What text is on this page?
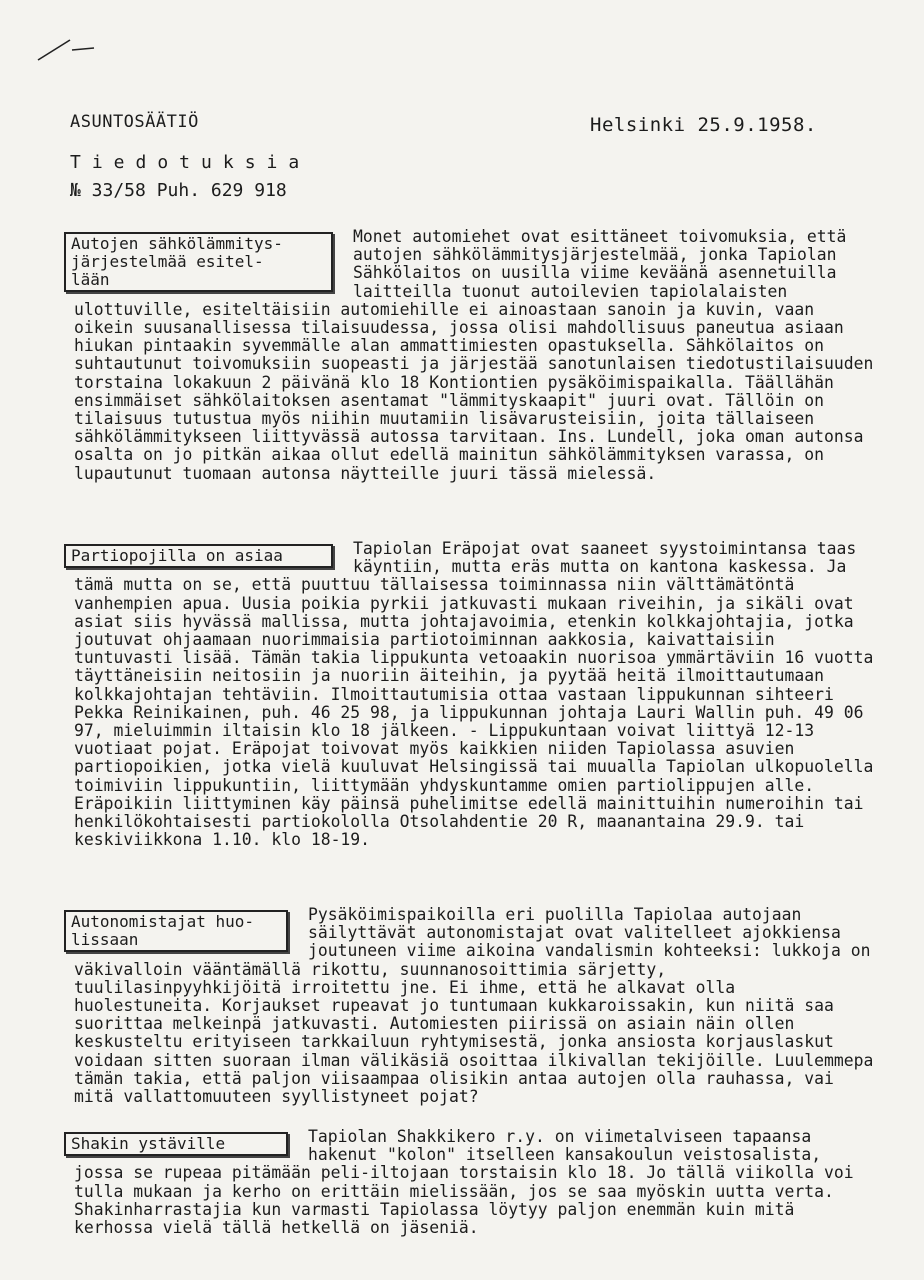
ASUNTOSÄÄTIÖ	Helsinki 25.9.1958.
Tiedotuksia
№ 33/58 Puh. 629 918
Autojen sähkölämmitys-
järjestelmää esitel-
lään

Monet automiehet ovat esittäneet toivomuksia, että autojen sähkölämmitysjärjestelmää, jonka Tapiolan Sähkölaitos on uusilla viime keväänä asennetuilla laitteilla tuonut autoilevien tapiolalaisten ulottuville, esiteltäisiin automiehille ei ainoastaan sanoin ja kuvin, vaan oikein suusanallisessa tilaisuudessa, jossa olisi mahdollisuus paneutua asiaan hiukan pintaakin syvemmälle alan ammattimiesten opastuksella. Sähkölaitos on suhtautunut toivomuksiin suopeasti ja järjestää sanotunlaisen tiedotustilaisuuden torstaina lokakuun 2 päivänä klo 18 Kontiontien pysäköimispaikalla. Täällähän ensimmäiset sähkölaitoksen asentamat "lämmityskaapit" juuri ovat. Tällöin on tilaisuus tutustua myös niihin muutamiin lisävarusteisiin, joita tällaiseen sähkölämmitykseen liittyvässä autossa tarvitaan. Ins. Lundell, joka oman autonsa osalta on jo pitkän aikaa ollut edellä mainitun sähkölämmityksen varassa, on lupautunut tuomaan autonsa näytteille juuri tässä mielessä.

Partiopojilla on asiaa	Tapiolan Eräpojat ovat saaneet syystoimintansa taas käyntiin, mutta eräs mutta on kantona kaskessa. Ja tämä mutta on se, että puuttuu tällaisessa toiminnassa niin välttämätöntä vanhempien apua. Uusia poikia pyrkii jatkuvasti mukaan riveihin, ja sikäli ovat asiat siis hyvässä mallissa, mutta johtajavoimia, etenkin kolkkajohtajia, jotka joutuvat ohjaamaan nuorimmaisia partiotoiminnan aakkosia, kaivattaisiin tuntuvasti lisää. Tämän takia lippukunta vetoaakin nuorisoa ymmärtäviin 16 vuotta täyttäneisiin neitosiin ja nuoriin äiteihin, ja pyytää heitä ilmoittautumaan kolkkajohtajan tehtäviin. Ilmoittautumisia ottaa vastaan lippukunnan sihteeri Pekka Reinikainen, puh. 46 25 98, ja lippukunnan johtaja Lauri Wallin puh. 49 06 97, mieluimmin iltaisin klo 18 jälkeen. - Lippukuntaan voivat liittyä 12-13 vuotiaat pojat. Eräpojat toivovat myös kaikkien niiden Tapiolassa asuvien partiopoikien, jotka vielä kuuluvat Helsingissä tai muualla Tapiolan ulkopuolella toimiviin lippukuntiin, liittymään yhdyskuntamme omien partiolippujen alle. Eräpoikiin liittyminen käy päinsä puhelimitse edellä mainittuihin numeroihin tai henkilökohtaisesti partiokololla Otsolahdentie 20 R, maanantaina 29.9. tai keskiviikkona 1.10. klo 18-19.

Autonomistajat huo-
lissaan

Pysäköimispaikoilla eri puolilla Tapiolaa autojaan säilyttävät autonomistajat ovat valitelleet ajokkiensa joutuneen viime aikoina vandalismin kohteeksi: lukkoja on väkivalloin vääntämällä rikottu, suunnanosoittimia särjetty, tuulilasinpyyhkijöitä irroitettu jne. Ei ihme, että he alkavat olla huolestuneita. Korjaukset rupeavat jo tuntumaan kukkaroissakin, kun niitä saa suorittaa melkeinpä jatkuvasti. Automiesten piirissä on asiain näin ollen keskusteltu erityiseen tarkkailuun ryhtymisestä, jonka ansiosta korjauslaskut voidaan sitten suoraan ilman välikäsiä osoittaa ilkivallan tekijöille. Luulemmepa tämän takia, että paljon viisaampaa olisikin antaa autojen olla rauhassa, vai mitä vallattomuuteen syyllistyneet pojat?

Shakin ystäville	Tapiolan Shakkikero r.y. on viimetalviseen tapaansa hakenut "kolon" itselleen kansakoulun veistosalista, jossa se rupeaa pitämään peli-iltojaan torstaisin klo 18. Jo tällä viikolla voi tulla mukaan ja kerho on erittäin mielissään, jos se saa myöskin uutta verta. Shakinharrastajia kun varmasti Tapiolassa löytyy paljon enemmän kuin mitä kerhossa vielä tällä hetkellä on jäseniä.
